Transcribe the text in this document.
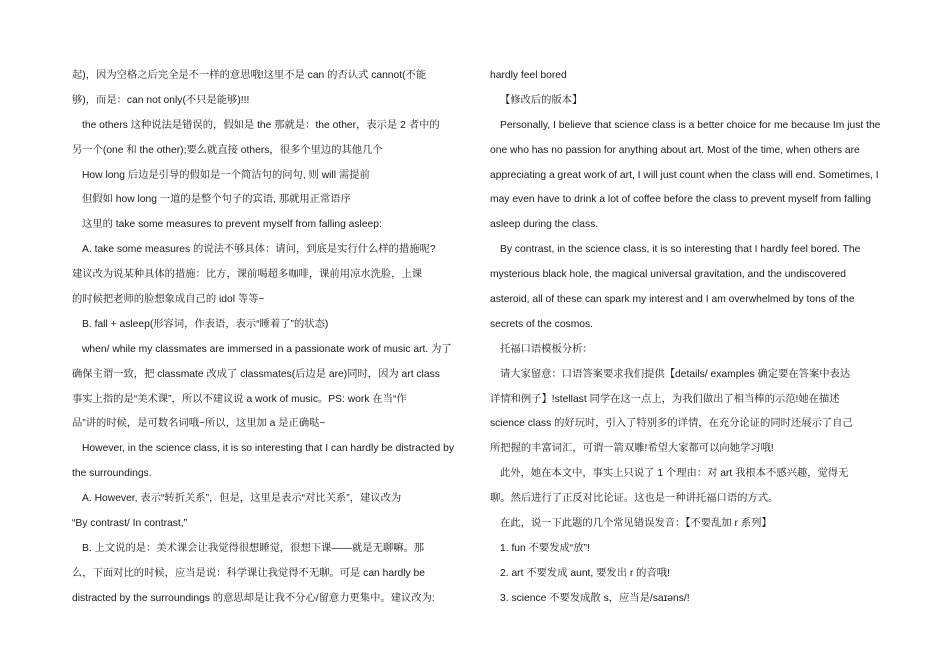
起)，因为空格之后完全是不一样的意思哦!这里不是 can 的否认式 cannot(不能
够)，而是：can not only(不只是能够)!!!
the others 这种说法是错误的，假如是 the 那就是：the other，表示是 2 者中的
另一个(one 和 the other);要么就直接 others，很多个里边的其他几个
How long 后边是引导的假如是一个简洁句的问句, 则 will 需提前
但假如 how long 一道的是整个句子的宾语, 那就用正常语序
这里的 take some measures to prevent myself from falling asleep:
A. take some measures 的说法不够具体：请问，到底是实行什么样的措施呢?
建议改为说某种具体的措施：比方，课前喝超多咖啡，课前用凉水洗脸，上课
的时候把老师的脸想象成自己的 idol 等等~
B. fall + asleep(形容词，作表语，表示“睡着了”的状态)
when/ while my classmates are immersed in a passionate work of music art. 为了
确保主谓一致，把 classmate 改成了 classmates(后边是 are)同时，因为 art class
事实上指的是“美术课”，所以不建议说 a work of music。PS: work 在当“作
品”讲的时候，是可数名词哦~所以，这里加 a 是正确哒~
However, in the science class, it is so interesting that I can hardly be distracted by
the surroundings.
A. However, 表示“转折关系”，但是，这里是表示“对比关系”，建议改为
“By contrast/ In contrast,”
B. 上文说的是：美术课会让我觉得很想睡觉，很想下课——就是无聊嘛。那
么，下面对比的时候，应当是说：科学课让我觉得不无聊。可是 can hardly be
distracted by the surroundings 的意思却是让我不分心/留意力更集中。建议改为:
hardly feel bored
【修改后的版本】
Personally, I believe that science class is a better choice for me because Im just the
one who has no passion for anything about art. Most of the time, when others are
appreciating a great work of art, I will just count when the class will end. Sometimes, I
may even have to drink a lot of coffee before the class to prevent myself from falling
asleep during the class.
By contrast, in the science class, it is so interesting that I hardly feel bored. The
mysterious black hole, the magical universal gravitation, and the undiscovered
asteroid, all of these can spark my interest and I am overwhelmed by tons of the
secrets of the cosmos.
托福口语模板分析：
请大家留意：口语答案要求我们提供【details/ examples 确定要在答案中表达
详情和例子】!stellast 同学在这一点上，为我们做出了相当棒的示范!她在描述
science class 的好玩时，引入了特别多的详情，在充分论证的同时还展示了自己
所把握的丰富词汇，可谓一箭双雕!希望大家都可以向她学习哦!
此外，她在本文中，事实上只说了 1 个理由：对 art 我根本不感兴趣，觉得无
聊。然后进行了正反对比论证。这也是一种讲托福口语的方式。
在此，说一下此题的几个常见错误发音：【不要乱加 r 系列】
1. fun 不要发成“放”!
2. art 不要发成 aunt, 要发出 r 的音哦!
3. science 不要发成散 s，应当是/saɪəns/!
